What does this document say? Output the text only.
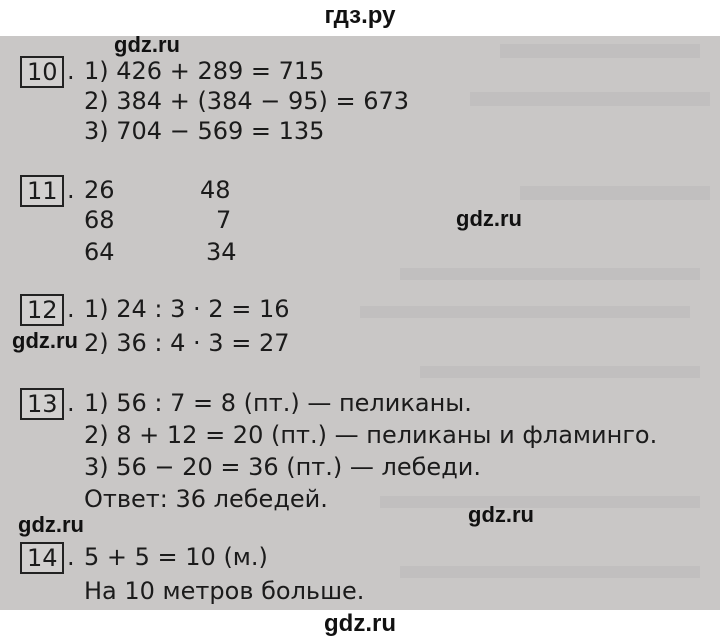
гдз.ру
10 . 1) 426 + 289 = 715
2) 384 + (384 − 95) = 673
3) 704 − 569 = 135
11 . 26
68
64
48
7
34
12 . 1) 24 : 3 · 2 = 16
2) 36 : 4 · 3 = 27
13 . 1) 56 : 7 = 8 (пт.) — пеликаны.
2) 8 + 12 = 20 (пт.) — пеликаны и фламинго.
3) 56 − 20 = 36 (пт.) — лебеди.
Ответ: 36 лебедей.
14 . 5 + 5 = 10 (м.)
На 10 метров больше.
gdz.ru
gdz.ru
gdz.ru
gdz.ru	gdz.ru
gdz.ru
